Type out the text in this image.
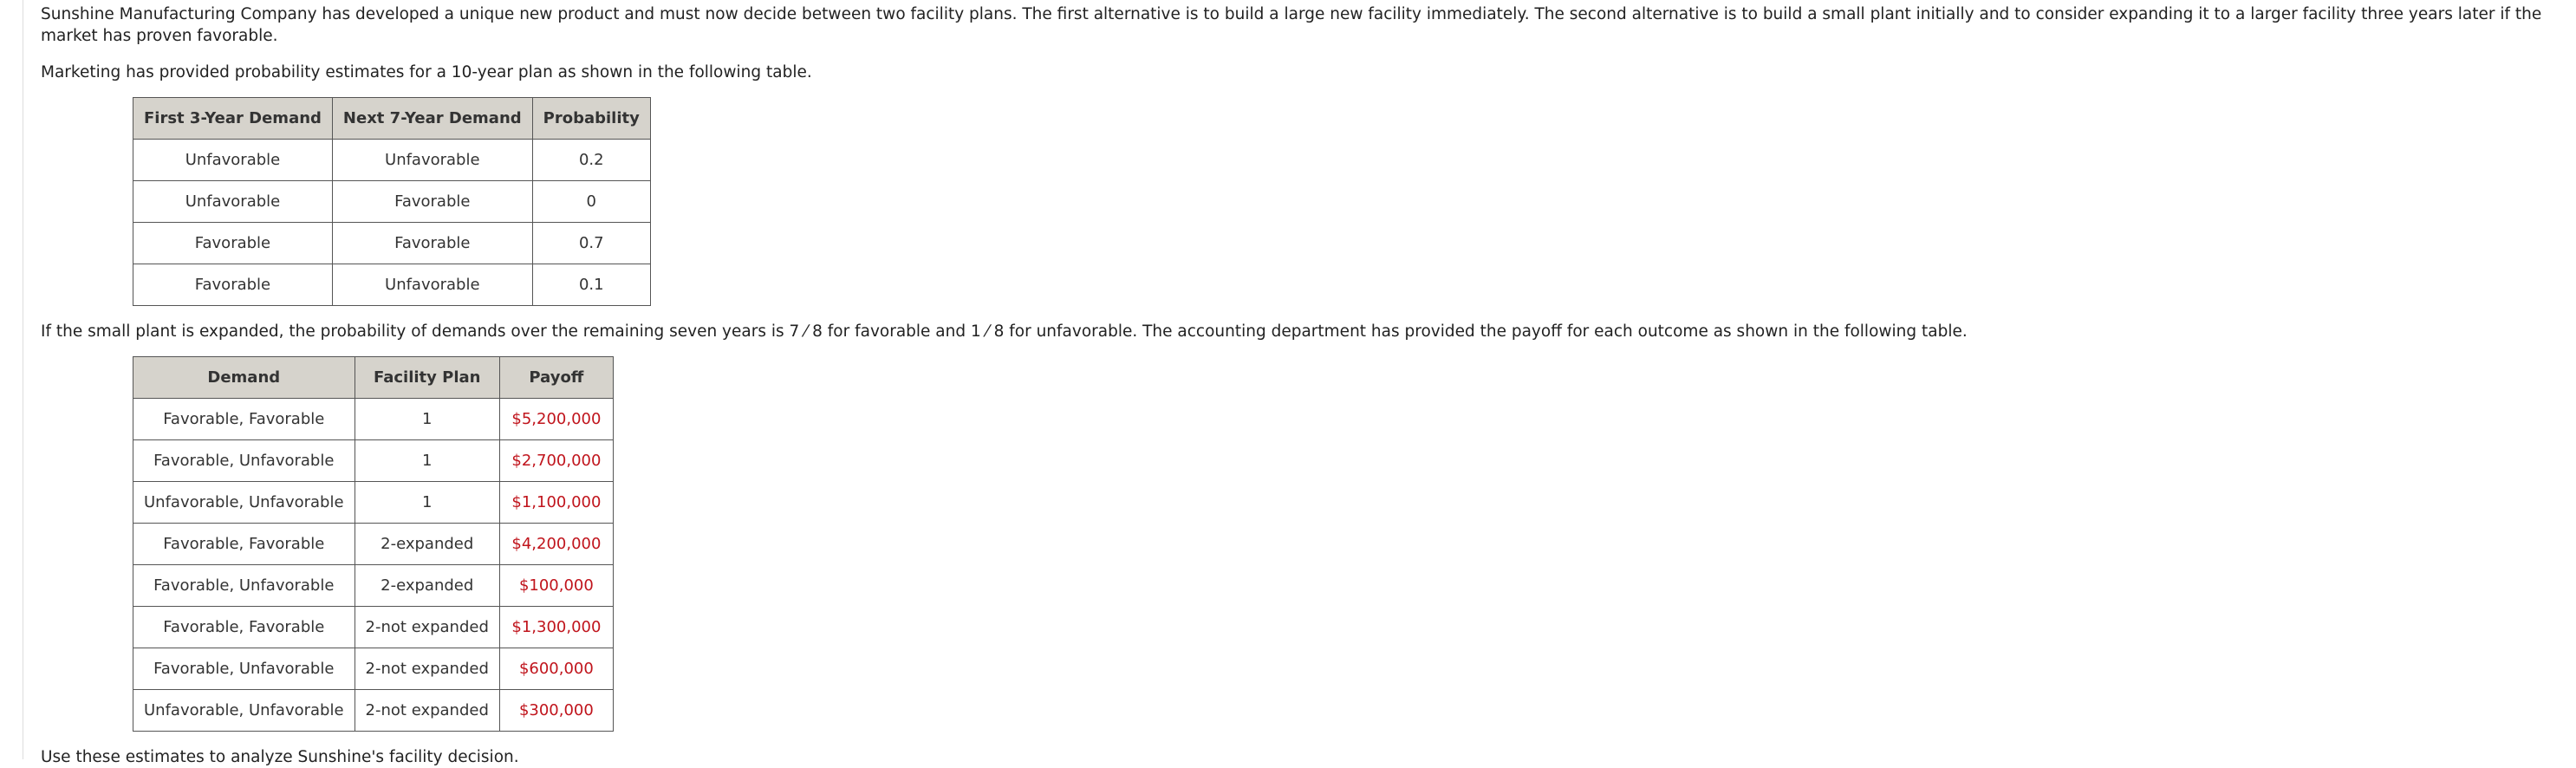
Sunshine Manufacturing Company has developed a unique new product and must now decide between two facility plans. The first alternative is to build a large new facility immediately. The second alternative is to build a small plant initially and to consider expanding it to a larger facility three years later if the market has proven favorable.

Marketing has provided probability estimates for a 10-year plan as shown in the following table.

First 3-Year Demand	Next 7-Year Demand	Probability
Unfavorable	Unfavorable	0.2
Unfavorable	Favorable	0
Favorable	Favorable	0.7
Favorable	Unfavorable	0.1

If the small plant is expanded, the probability of demands over the remaining seven years is 7 ⁄ 8 for favorable and 1 ⁄ 8 for unfavorable. The accounting department has provided the payoff for each outcome as shown in the following table.

Demand	Facility Plan	Payoff
Favorable, Favorable	1	$5,200,000
Favorable, Unfavorable	1	$2,700,000
Unfavorable, Unfavorable	1	$1,100,000
Favorable, Favorable	2-expanded	$4,200,000
Favorable, Unfavorable	2-expanded	$100,000
Favorable, Favorable	2-not expanded	$1,300,000
Favorable, Unfavorable	2-not expanded	$600,000
Unfavorable, Unfavorable	2-not expanded	$300,000

Use these estimates to analyze Sunshine's facility decision.
